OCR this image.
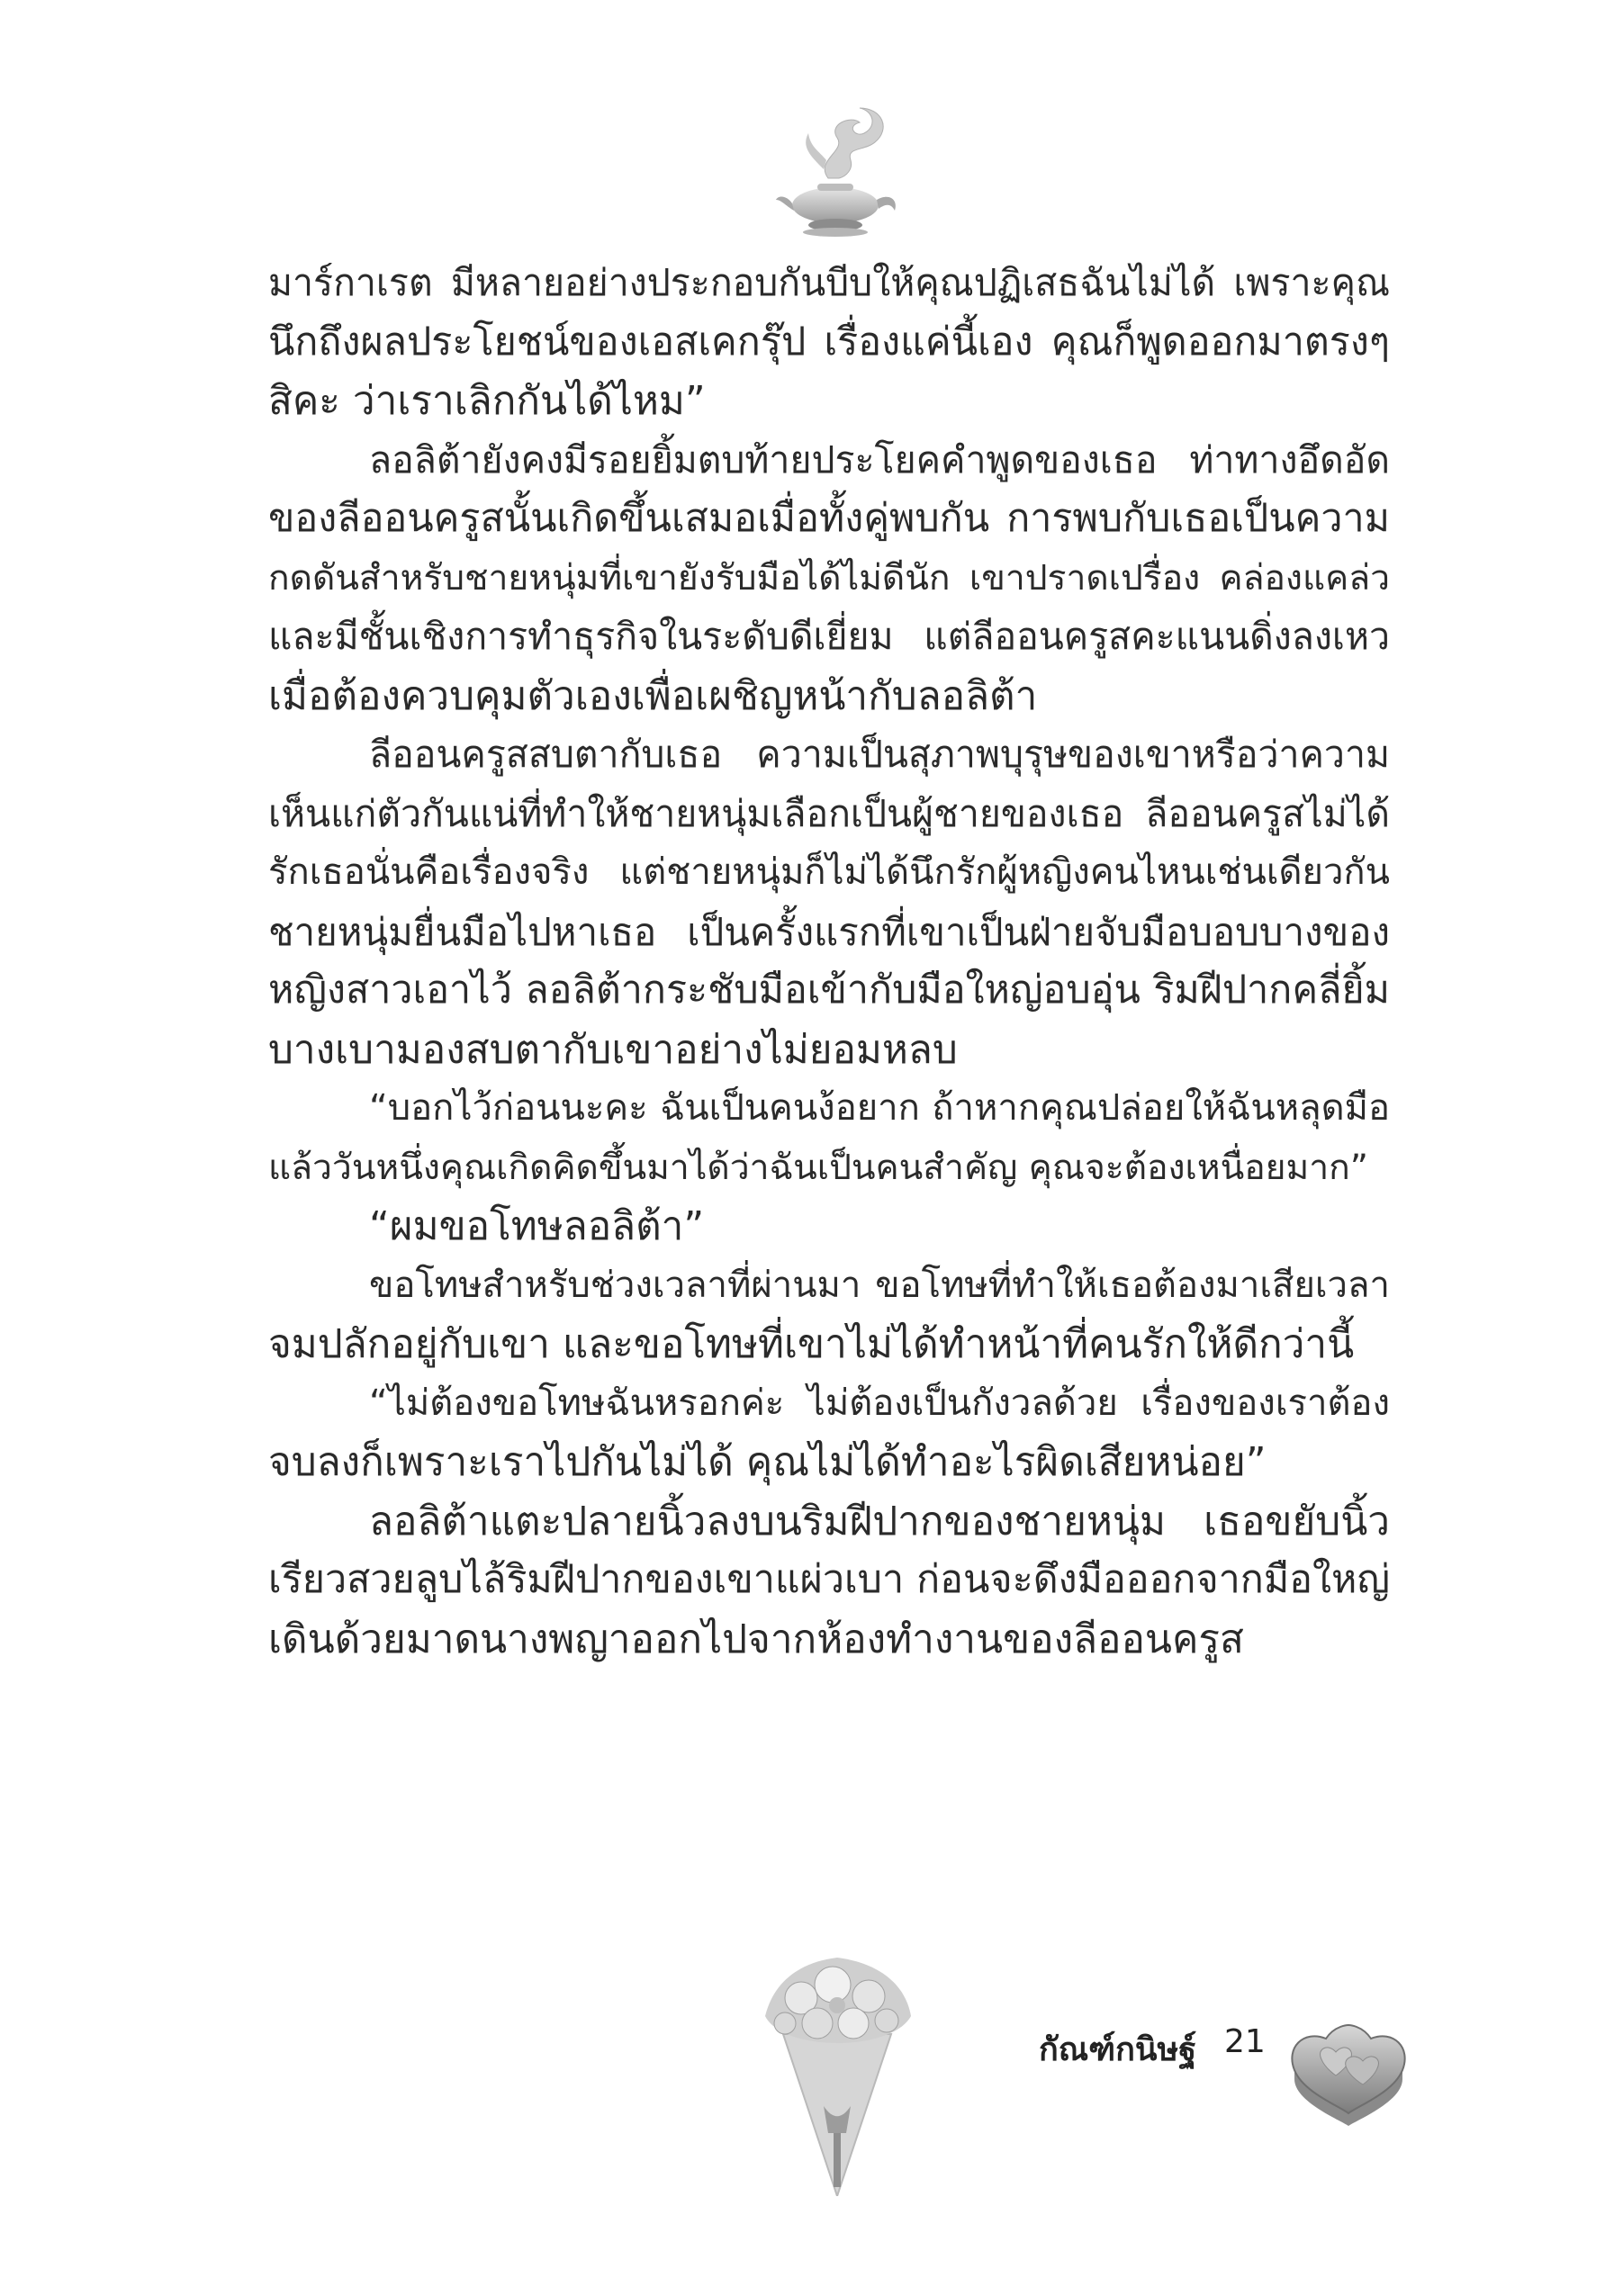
มาร์กาเรต มีหลายอย่างประกอบกันบีบให้คุณปฏิเสธฉันไม่ได้ เพราะคุณ
นึกถึงผลประโยชน์ของเอสเคกรุ๊ป เรื่องแค่นี้เอง คุณก็พูดออกมาตรงๆ
สิคะ ว่าเราเลิกกันได้ไหม”
ลอลิต้ายังคงมีรอยยิ้มตบท้ายประโยคคำพูดของเธอ ท่าทางอึดอัด
ของลีออนครูสนั้นเกิดขึ้นเสมอเมื่อทั้งคู่พบกัน การพบกับเธอเป็นความ
กดดันสำหรับชายหนุ่มที่เขายังรับมือได้ไม่ดีนัก เขาปราดเปรื่อง คล่องแคล่ว
และมีชั้นเชิงการทำธุรกิจในระดับดีเยี่ยม แต่ลีออนครูสคะแนนดิ่งลงเหว
เมื่อต้องควบคุมตัวเองเพื่อเผชิญหน้ากับลอลิต้า
ลีออนครูสสบตากับเธอ ความเป็นสุภาพบุรุษของเขาหรือว่าความ
เห็นแก่ตัวกันแน่ที่ทำให้ชายหนุ่มเลือกเป็นผู้ชายของเธอ ลีออนครูสไม่ได้
รักเธอนั่นคือเรื่องจริง แต่ชายหนุ่มก็ไม่ได้นึกรักผู้หญิงคนไหนเช่นเดียวกัน
ชายหนุ่มยื่นมือไปหาเธอ เป็นครั้งแรกที่เขาเป็นฝ่ายจับมือบอบบางของ
หญิงสาวเอาไว้ ลอลิต้ากระชับมือเข้ากับมือใหญ่อบอุ่น ริมฝีปากคลี่ยิ้ม
บางเบามองสบตากับเขาอย่างไม่ยอมหลบ
“บอกไว้ก่อนนะคะ ฉันเป็นคนง้อยาก ถ้าหากคุณปล่อยให้ฉันหลุดมือ
แล้ววันหนึ่งคุณเกิดคิดขึ้นมาได้ว่าฉันเป็นคนสำคัญ คุณจะต้องเหนื่อยมาก”
“ผมขอโทษลอลิต้า”
ขอโทษสำหรับช่วงเวลาที่ผ่านมา ขอโทษที่ทำให้เธอต้องมาเสียเวลา
จมปลักอยู่กับเขา และขอโทษที่เขาไม่ได้ทำหน้าที่คนรักให้ดีกว่านี้
“ไม่ต้องขอโทษฉันหรอกค่ะ ไม่ต้องเป็นกังวลด้วย เรื่องของเราต้อง
จบลงก็เพราะเราไปกันไม่ได้ คุณไม่ได้ทำอะไรผิดเสียหน่อย”
ลอลิต้าแตะปลายนิ้วลงบนริมฝีปากของชายหนุ่ม เธอขยับนิ้ว
เรียวสวยลูบไล้ริมฝีปากของเขาแผ่วเบา ก่อนจะดึงมือออกจากมือใหญ่
เดินด้วยมาดนางพญาออกไปจากห้องทำงานของลีออนครูส
กัณฑ์กนิษฐ์ 21
